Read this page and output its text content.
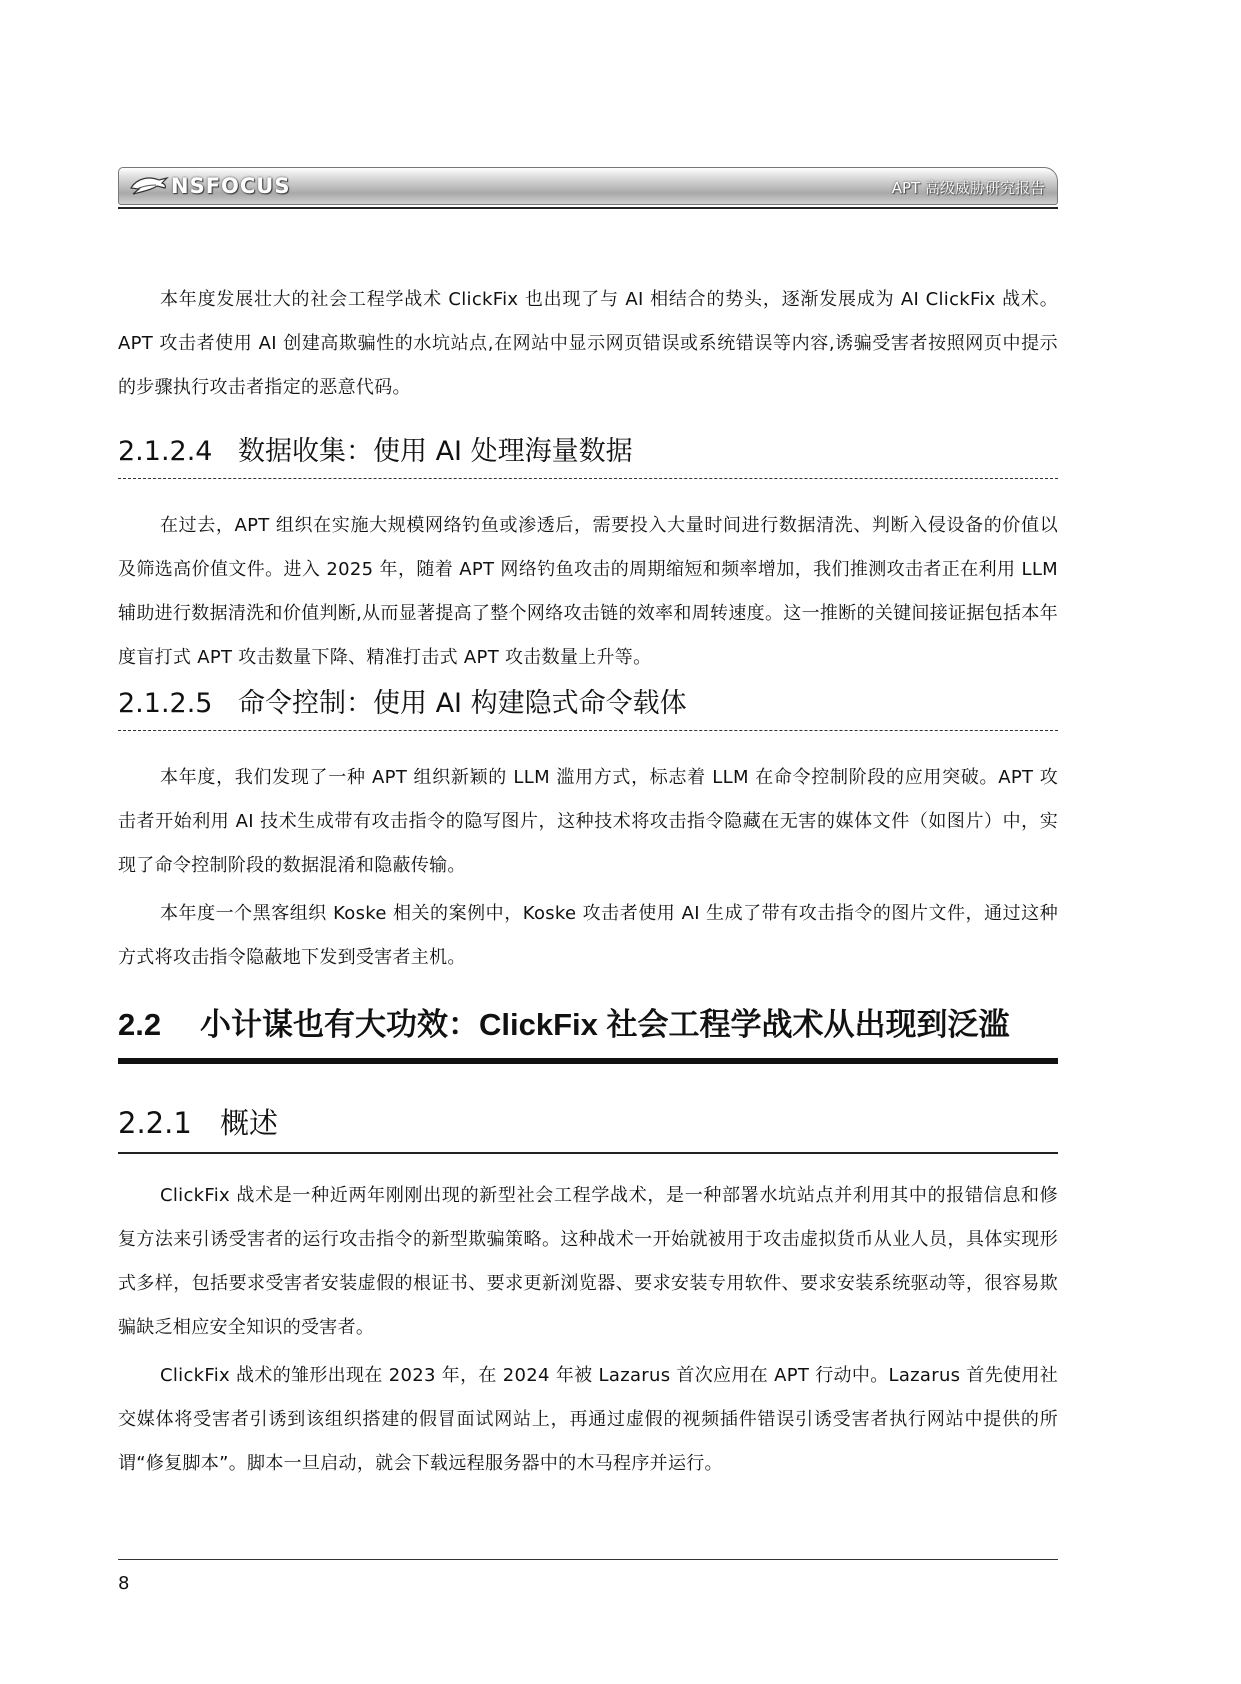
NSFOCUS	APT 高级威胁研究报告

本年度发展壮大的社会工程学战术 ClickFix 也出现了与 AI 相结合的势头，逐渐发展成为 AI ClickFix 战术。APT 攻击者使用 AI 创建高欺骗性的水坑站点,在网站中显示网页错误或系统错误等内容,诱骗受害者按照网页中提示的步骤执行攻击者指定的恶意代码。

2.1.2.4 数据收集：使用 AI 处理海量数据

在过去，APT 组织在实施大规模网络钓鱼或渗透后，需要投入大量时间进行数据清洗、判断入侵设备的价值以及筛选高价值文件。进入 2025 年，随着 APT 网络钓鱼攻击的周期缩短和频率增加，我们推测攻击者正在利用 LLM 辅助进行数据清洗和价值判断,从而显著提高了整个网络攻击链的效率和周转速度。这一推断的关键间接证据包括本年度盲打式 APT 攻击数量下降、精准打击式 APT 攻击数量上升等。

2.1.2.5 命令控制：使用 AI 构建隐式命令载体

本年度，我们发现了一种 APT 组织新颖的 LLM 滥用方式，标志着 LLM 在命令控制阶段的应用突破。APT 攻击者开始利用 AI 技术生成带有攻击指令的隐写图片，这种技术将攻击指令隐藏在无害的媒体文件（如图片）中，实现了命令控制阶段的数据混淆和隐蔽传输。

本年度一个黑客组织 Koske 相关的案例中，Koske 攻击者使用 AI 生成了带有攻击指令的图片文件，通过这种方式将攻击指令隐蔽地下发到受害者主机。

2.2 小计谋也有大功效：ClickFix 社会工程学战术从出现到泛滥
2.2.1 概述

ClickFix 战术是一种近两年刚刚出现的新型社会工程学战术，是一种部署水坑站点并利用其中的报错信息和修复方法来引诱受害者的运行攻击指令的新型欺骗策略。这种战术一开始就被用于攻击虚拟货币从业人员，具体实现形式多样，包括要求受害者安装虚假的根证书、要求更新浏览器、要求安装专用软件、要求安装系统驱动等，很容易欺骗缺乏相应安全知识的受害者。

ClickFix 战术的雏形出现在 2023 年，在 2024 年被 Lazarus 首次应用在 APT 行动中。Lazarus 首先使用社交媒体将受害者引诱到该组织搭建的假冒面试网站上，再通过虚假的视频插件错误引诱受害者执行网站中提供的所谓“修复脚本”。脚本一旦启动，就会下载远程服务器中的木马程序并运行。

8
